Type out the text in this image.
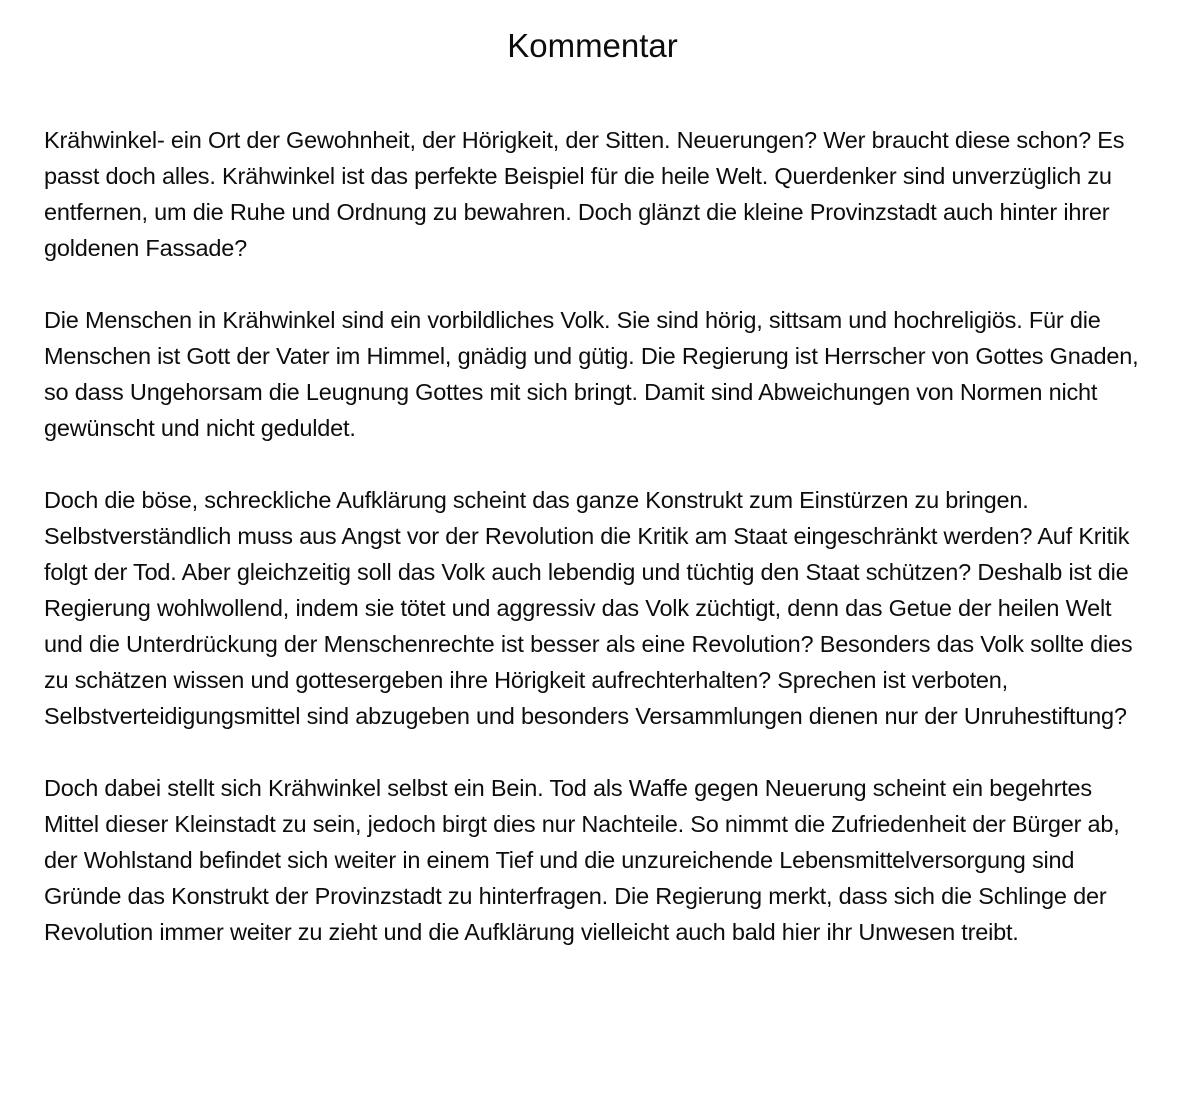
Kommentar

Krähwinkel- ein Ort der Gewohnheit, der Hörigkeit, der Sitten. Neuerungen? Wer braucht diese schon? Es passt doch alles. Krähwinkel ist das perfekte Beispiel für die heile Welt. Querdenker sind unverzüglich zu entfernen, um die Ruhe und Ordnung zu bewahren. Doch glänzt die kleine Provinzstadt auch hinter ihrer goldenen Fassade?

Die Menschen in Krähwinkel sind ein vorbildliches Volk. Sie sind hörig, sittsam und hochreligiös. Für die Menschen ist Gott der Vater im Himmel, gnädig und gütig. Die Regierung ist Herrscher von Gottes Gnaden, so dass Ungehorsam die Leugnung Gottes mit sich bringt. Damit sind Abweichungen von Normen nicht gewünscht und nicht geduldet.

Doch die böse, schreckliche Aufklärung scheint das ganze Konstrukt zum Einstürzen zu bringen. Selbstverständlich muss aus Angst vor der Revolution die Kritik am Staat eingeschränkt werden? Auf Kritik folgt der Tod. Aber gleichzeitig soll das Volk auch lebendig und tüchtig den Staat schützen? Deshalb ist die Regierung wohlwollend, indem sie tötet und aggressiv das Volk züchtigt, denn das Getue der heilen Welt und die Unterdrückung der Menschenrechte ist besser als eine Revolution? Besonders das Volk sollte dies zu schätzen wissen und gottesergeben ihre Hörigkeit aufrechterhalten? Sprechen ist verboten, Selbstverteidigungsmittel sind abzugeben und besonders Versammlungen dienen nur der Unruhestiftung?

Doch dabei stellt sich Krähwinkel selbst ein Bein. Tod als Waffe gegen Neuerung scheint ein begehrtes Mittel dieser Kleinstadt zu sein, jedoch birgt dies nur Nachteile. So nimmt die Zufriedenheit der Bürger ab, der Wohlstand befindet sich weiter in einem Tief und die unzureichende Lebensmittelversorgung sind Gründe das Konstrukt der Provinzstadt zu hinterfragen. Die Regierung merkt, dass sich die Schlinge der Revolution immer weiter zu zieht und die Aufklärung vielleicht auch bald hier ihr Unwesen treibt.
